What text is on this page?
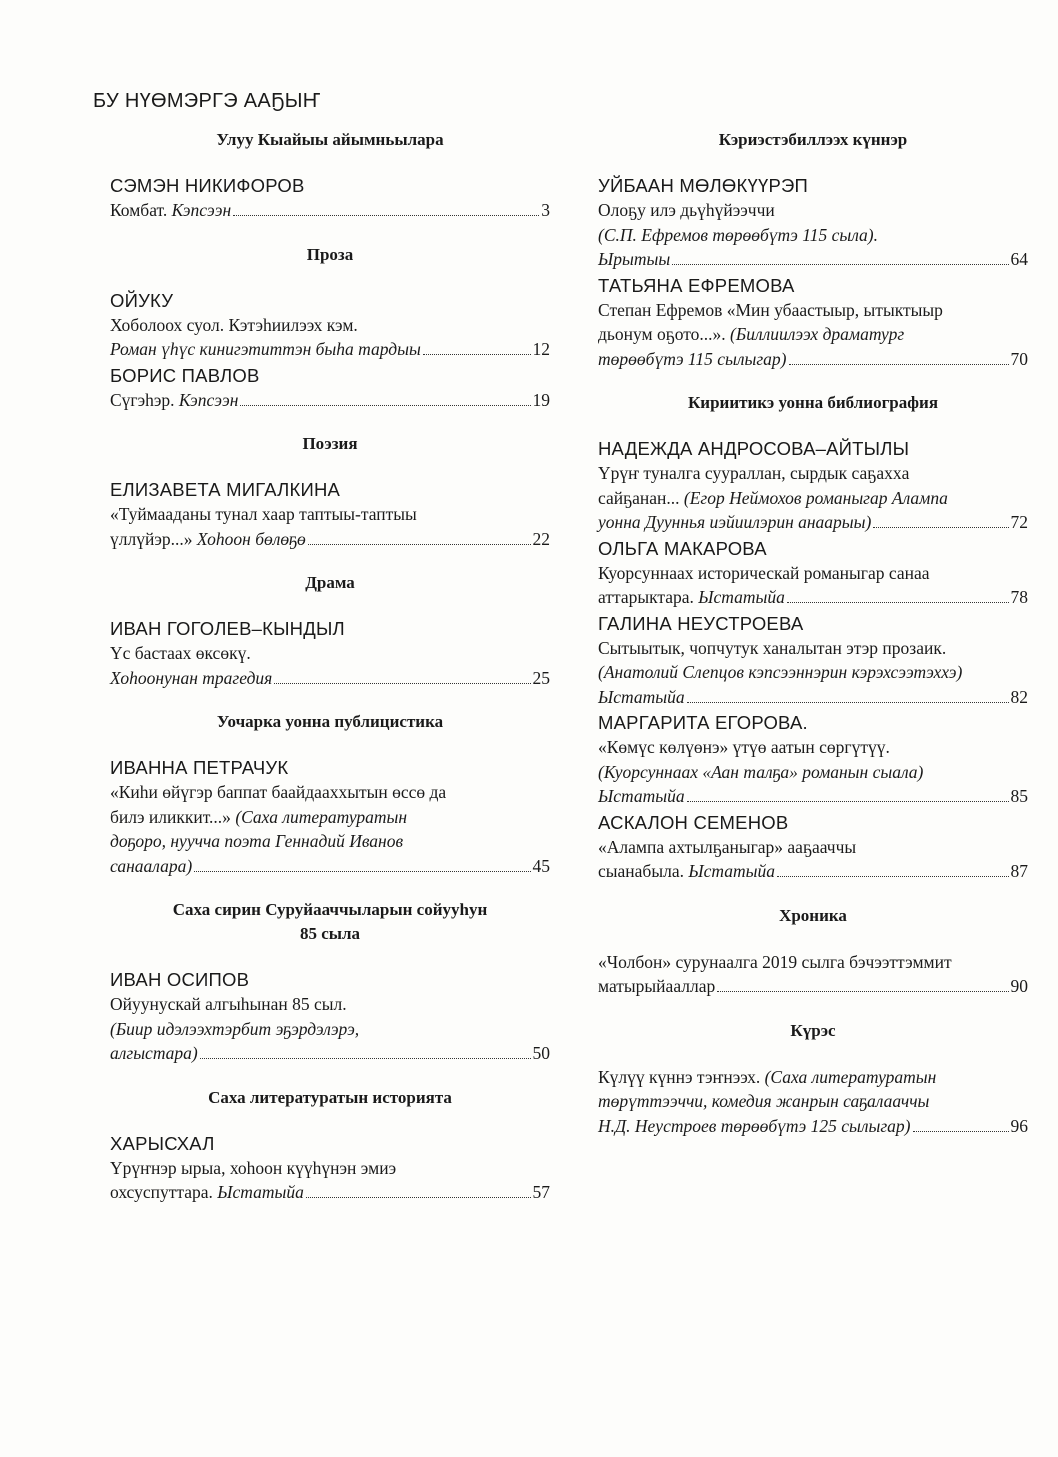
БУ НҮӨМЭРГЭ ААҔЫҤ
Улуу Кыайыы айымньылара
СЭМЭН НИКИФОРОВ
Комбат. Кэпсээн	3
Проза
ОЙУКУ
Хоболоох суол. Кэтэһиилээх кэм.
Роман үһүс кинигэтиттэн быһа тардыы	12
БОРИС ПАВЛОВ
Сүгэһэр. Кэпсээн	19
Поэзия
ЕЛИЗАВЕТА МИГАЛКИНА
«Туймааданы тунал хаар таптыы-таптыы
үллүйэр...» Хоһоон бөлөҕө	22
Драма
ИВАН ГОГОЛЕВ–КЫНДЫЛ
Үс бастаах өксөкү.
Хоһоонунан трагедия	25
Уочарка уонна публицистика
ИВАННА ПЕТРАЧУК
«Киһи өйүгэр баппат баайдааххытын өссө да
билэ иликкит...» (Саха литературатын
доҕоро, нуучча поэта Геннадий Иванов
санаалара)	45
Саха сирин Суруйааччыларын сойууһун
85 сыла
ИВАН ОСИПОВ
Ойуунускай алгыһынан 85 сыл.
(Биир идэлээхтэрбит эҕэрдэлэрэ,
алгыстара)	50
Саха литературатын историята
ХАРЫСХАЛ
Үрүҥнэр ырыа, хоһоон күүһүнэн эмиэ
охсуспуттара. Ыстатыйа	57
Кэриэстэбиллээх күннэр
УЙБААН МӨЛӨКҮҮРЭП
Олоҕу илэ дьүһүйээччи
(С.П. Ефремов төрөөбүтэ 115 сыла).
Ырытыы	64
ТАТЬЯНА ЕФРЕМОВА
Степан Ефремов «Мин убаастыыр, ытыктыыр
дьонум оҕото...». (Биллиилээх драматург
төрөөбүтэ 115 сылыгар)	70
Кириитикэ уонна библиография
НАДЕЖДА АНДРОСОВА–АЙТЫЛЫ
Үрүҥ туналга суураллан, сырдык саҕаххa
сайҕанан... (Егор Неймохов романыгар Алампа
уонна Дууннья иэйиилэрин анаарыы)	72
ОЛЬГА МАКАРОВА
Куорсуннаах историческай романыгар санаа
аттарыктара. Ыстатыйа	78
ГАЛИНА НЕУСТРОЕВА
Сытыытык, чопчутук ханалытан этэр прозаик.
(Анатолий Слепцов кэпсээннэрин кэрэхсээтэххэ)
Ыстатыйа	82
МАРГАРИТА ЕГОРОВА.
«Көмүс көлүөнэ» үтүө аатын сөргүтүү.
(Куорсуннаах «Аан талҕа» романын сыала)
Ыстатыйа	85
АСКАЛОН СЕМЕНОВ
«Алампа ахтылҕаныгар» ааҕааччы
сыанабыла. Ыстатыйа	87
Хроника
«Чолбон» сурунаалга 2019 сылга бэчээттэммит
матырыйааллар	90
Күрэс
Күлүү күннэ тэҥнээх. (Саха литературатын
төрүттээччи, комедия жанрын саҕалааччы
Н.Д. Неустроев төрөөбүтэ 125 сылыгар)	96
